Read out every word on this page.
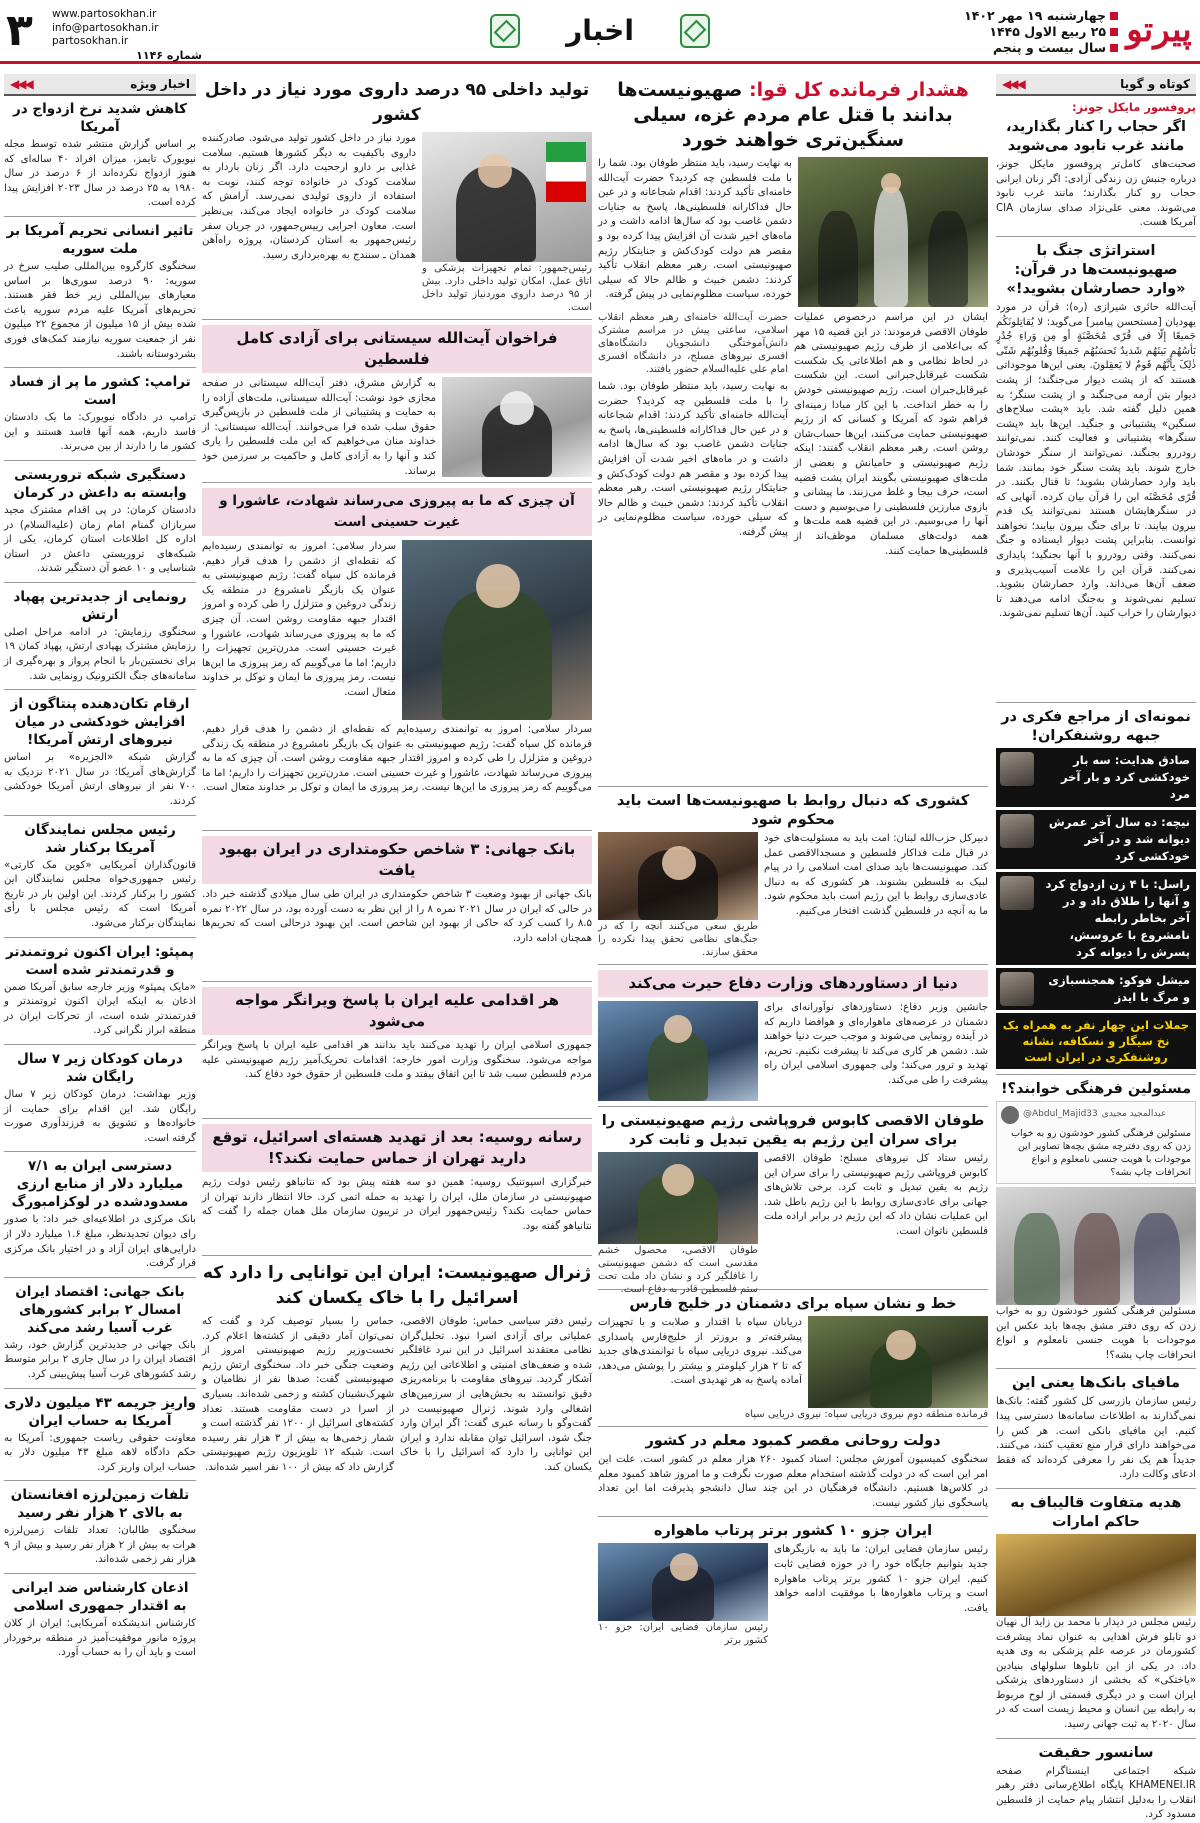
پیرتو
چهارشنبه ۱۹ مهر ۱۴۰۲
۲۵ ربیع الاول ۱۴۴۵
سال بیست و پنجم
اخبار
www.partosokhan.ir
info@partosokhan.ir
partosokhan.ir
شماره ۱۱۴۶
۳
کوتاه و گویا
◀◀◀
پروفسور مایکل جونز:
اگر حجاب را کنار بگذارید، مانند غرب نابود می‌شوید
صحبت‌های کامل‌تر پروفسور مایکل جونز، درباره جنبش زن زندگی آزادی: اگر زنان ایرانی حجاب رو کنار بگذارند؛ مانند غرب نابود می‌شوند. معنی علی‌نژاد صدای سازمان CIA آمریکا هست.
استراتژی جنگ با صهیونیست‌ها در قرآن: «وارد حصارشان بشوید!»
آیت‌الله حائری شیرازی (ره): قرآن در مورد یهودیان [مستحسن پیامبر] می‌گوید: لا یُقاتِلونَکُم جَمیعًا إلّا فی قُرًی مُحَصَّنَةٍ أو مِن وَراءِ جُدُرٍ بَأسُهُم بَینَهُم شَدیدٌ تَحسَبُهُم جَمیعًا وَقُلوبُهُم شَتّی ذٰلِکَ بِأَنَّهُم قَومٌ لا یَعقِلونَ. یعنی این‌ها موجوداتی هستند که از پشت دیوار می‌جنگند؛ از پشت دیوار بتن آرمه می‌جنگند و از پشت سنگر؛ به همین دلیل گفته شد. باید «پشت سلاح‌های سنگین» پشتیبانی و جنگید. این‌ها باید «پشت سنگرها» پشتیبانی و فعالیت کنند. نمی‌توانند رودررو بجنگند. نمی‌توانند از سنگر خودشان خارج شوند. باید پشت سنگر خود بمانند. شما باید وارد حصارشان بشوید؛ تا قتال بکنند. در قُرًی مُحَصَّنَه این را قرآن بیان کرده. آنهایی که در سنگرهایشان هستند نمی‌توانند یک قدم بیرون بیایند. تا برای جنگ بیرون بیایند؛ نخواهند توانست. بنابراین پشت دیوار ایستاده و جنگ نمی‌کنند. وقتی رودررو با آنها بجنگید؛ پایداری نمی‌کنند. قرآن این را علامت آسیب‌پذیری و ضعف آن‌ها می‌داند. وارد حصارشان بشوید. تسلیم نمی‌شوند و به‌جنگ ادامه می‌دهند تا دیوارشان را خراب کنید. آن‌ها تسلیم نمی‌شوند.
نمونه‌ای از مراجع فکری در جبهه روشنفکران!
صادق هدایت: سه بار خودکشی کرد و بار آخر مرد
نیچه: ده سال آخر عمرش دیوانه شد و در آخر خودکشی کرد
راسل: با ۴ زن ازدواج کرد و آنها را طلاق داد و در آخر بخاطر رابطه نامشروع با عروسش، پسرش را دیوانه کرد
میشل فوکو: همجنسبازی و مرگ با ایدز
جملات این چهار نفر به همراه یک نخ سیگار و نسکافه، نشانه روشنفکری در ایران است
مسئولین فرهنگی خوابند؟!
@Abdul_Majid33 عبدالمجید مجیدی
مسئولین فرهنگی کشور خودشون رو به خواب زدن که روی دفترچه مشق بچه‌ها تصاویر این موجودات با هویت جنسی نامعلوم و انواع انحرافات چاپ بشه؟
مسئولین فرهنگی کشور خودشون رو به خواب زدن که روی دفتر مشق بچه‌ها باید عکس این موجودات با هویت جنسی نامعلوم و انواع انحرافات چاپ بشه؟!
مافیای بانک‌ها یعنی این
رئیس سازمان بازرسی کل کشور گفته: بانک‌ها نمی‌گذارند به اطلاعات سامانه‌ها دسترسی پیدا کنیم. این مافیای بانکی است. هر کس را می‌خواهند دارای قرار منع تعقیب کنند، می‌کنند. جدیداً هم یک نفر را معرفی کرده‌اند که فقط ادعای وکالت دارد.
هدیه متفاوت قالیباف به حاکم امارات
رئیس مجلس در دیدار با محمد بن زاید آل نهیان دو تابلو فرش اهدایی به عنوان نماد پیشرفت کشورمان در عرصه علم پزشکی به وی هدیه داد. در یکی از این تابلوها سلولهای بنیادین «یاختکی» که بخشی از دستاوردهای پزشکی ایران است و در دیگری قسمتی از لوح مربوط به رابطه بین انسان و محیط زیست است که در سال ۲۰۲۰ به ثبت جهانی رسید.
سانسور حقیقت
شبکه اجتماعی اینستاگرام صفحه KHAMENEI.IR پایگاه اطلاع‌رسانی دفتر رهبر انقلاب را به‌دلیل انتشار پیام حمایت از فلسطین مسدود کرد.
هشدار فرمانده کل قوا: صهیونیست‌ها بدانند با قتل عام مردم غزه، سیلی سنگین‌تری خواهند خورد
به نهایت رسید، باید منتظر طوفان بود. شما را با ملت فلسطین چه کردید؟ حضرت آیت‌الله خامنه‌ای تأکید کردند: اقدام شجاعانه و در عین حال فداکارانه فلسطینی‌ها، پاسخ به جنایات دشمن غاصب بود که سال‌ها ادامه داشت و در ماه‌های اخیر شدت آن افزایش پیدا کرده بود و مقصر هم دولت کودک‌کش و جنایتکار رژیم صهیونیستی است. رهبر معظم انقلاب تأکید کردند: دشمن خبیث و ظالم حالا که سیلی خورده، سیاست مظلوم‌نمایی در پیش گرفته.
ایشان در این مراسم درخصوص عملیات طوفان الاقصی فرمودند: در این قضیه ۱۵ مهر که بی‌اعلامی از طرف رژیم صهیونیستی هم در لحاظ نظامی و هم اطلاعاتی یک شکست شکست غیرقابل‌جبرانی است. این شکست غیرقابل‌جبران است. رژیم صهیونیستی خودش را به خطر انداخت. با این کار مبادا زمینه‌ای فراهم شود که آمریکا و کسانی که از رژیم صهیونیستی حمایت می‌کنند، این‌ها حساب‌شان روشن است. رهبر معظم انقلاب گفتند: اینکه رژیم صهیونیستی و حامیانش و بعضی از ملت‌های صهیونیستی بگویند ایران پشت قضیه است، حرف بیجا و غلط می‌زنند. ما پیشانی و بازوی مبارزین فلسطینی را می‌بوسیم و دست آنها را می‌بوسیم. در این قضیه همه ملت‌ها و همه دولت‌های مسلمان موظف‌اند از فلسطینی‌ها حمایت کنند.
حضرت آیت‌الله خامنه‌ای رهبر معظم انقلاب اسلامی، ساعتی پیش در مراسم مشترک دانش‌آموختگی دانشجویان دانشگاه‌های افسری نیروهای مسلح، در دانشگاه افسری امام علی علیه‌السلام حضور یافتند.
به نهایت رسید، باید منتظر طوفان بود. شما را با ملت فلسطین چه کردید؟ حضرت آیت‌الله خامنه‌ای تأکید کردند: اقدام شجاعانه و در عین حال فداکارانه فلسطینی‌ها، پاسخ به جنایات دشمن غاصب بود که سال‌ها ادامه داشت و در ماه‌های اخیر شدت آن افزایش پیدا کرده بود و مقصر هم دولت کودک‌کش و جنایتکار رژیم صهیونیستی است. رهبر معظم انقلاب تأکید کردند: دشمن خبیث و ظالم حالا که سیلی خورده، سیاست مظلوم‌نمایی در پیش گرفته.
کشوری که دنبال روابط با صهیونیست‌ها است باید محکوم شود
دبیرکل حزب‌الله لبنان: امت باید به مسئولیت‌های خود در قبال ملت فداکار فلسطین و مسجدالاقصی عمل کند. صهیونیست‌ها باید صدای امت اسلامی را در پیام لبیک به فلسطین بشنوند. هر کشوری که به دنبال عادی‌سازی روابط با این رژیم است باید محکوم شود. ما به آنچه در فلسطین گذشت افتخار می‌کنیم.
طریق سعی می‌کنند آنچه را که در جنگ‌های نظامی تحقق پیدا نکرده را محقق سازند.
دنیا از دستاوردهای وزارت دفاع حیرت می‌کند
جانشین وزیر دفاع: دستاوردهای نوآورانه‌ای برای دشمنان در عرصه‌های ماهواره‌ای و هوافضا داریم که در آینده رونمایی می‌شوند و موجب حیرت دنیا خواهند شد. دشمن هر کاری می‌کند تا پیشرفت نکنیم. تحریم، تهدید و ترور می‌کند؛ ولی جمهوری اسلامی ایران راه پیشرفت را طی می‌کند.
طوفان الاقصی کابوس فروپاشی رژیم صهیونیستی را برای سران این رژیم به یقین تبدیل و ثابت کرد
رئیس ستاد کل نیروهای مسلح: طوفان الاقصی کابوس فروپاشی رژیم صهیونیستی را برای سران این رژیم به یقین تبدیل و ثابت کرد. برخی تلاش‌های جهانی برای عادی‌سازی روابط با این رژیم باطل شد. این عملیات نشان داد که این رژیم در برابر اراده ملت فلسطین ناتوان است.
طوفان الاقصی، محصول خشم مقدسی است که دشمن صهیونیستی را غافلگیر کرد و نشان داد ملت تحت ستم فلسطین قادر به دفاع است.
خط و نشان سپاه برای دشمنان در خلیج فارس
دریابان سپاه با اقتدار و صلابت و با تجهیزات پیشرفته‌تر و بروزتر از خلیج‌فارس پاسداری می‌کند. نیروی دریایی سپاه با توانمندی‌های جدید که تا ۲ هزار کیلومتر و بیشتر را پوشش می‌دهد، آماده پاسخ به هر تهدیدی است.
فرمانده منطقه دوم نیروی دریایی سپاه: نیروی دریایی سپاه
دولت روحانی مقصر کمبود معلم در کشور
سخنگوی کمیسیون آموزش مجلس: اسناد کمبود ۲۶۰ هزار معلم در کشور است. علت این امر این است که در دولت گذشته استخدام معلم صورت نگرفت و ما امروز شاهد کمبود معلم در کلاس‌ها هستیم. دانشگاه فرهنگیان در این چند سال دانشجو پذیرفت اما این تعداد پاسخگوی نیاز کشور نیست.
ایران جزو ۱۰ کشور برتر پرتاب ماهواره
رئیس سازمان فضایی ایران: ما باید به بازیگرهای جدید بتوانیم جایگاه خود را در حوزه فضایی ثابت کنیم. ایران جزو ۱۰ کشور برتر پرتاب ماهواره است و پرتاب ماهواره‌ها با موفقیت ادامه خواهد یافت.
رئیس سازمان فضایی ایران: جزو ۱۰ کشور برتر
تولید داخلی ۹۵ درصد داروی مورد نیاز در داخل کشور
رئیس‌جمهور: تمام تجهیزات پزشکی و اتاق عمل، امکان تولید داخلی دارد. بیش از ۹۵ درصد داروی موردنیاز تولید داخل است.
مورد نیاز در داخل کشور تولید می‌شود. صادرکننده داروی باکیفیت به دیگر کشورها هستیم. سلامت غذایی بر دارو ارجحیت دارد. اگر زنان باردار به سلامت کودک در خانواده توجه کنند، نوبت به استفاده از داروی تولیدی نمی‌رسد. آرامش که سلامت کودک در خانواده ایجاد می‌کند، بی‌نظیر است. معاون اجرایی رییس‌جمهور، در جریان سفر رئیس‌جمهور به استان کردستان، پروژه راه‌آهن همدان ـ سنندج به بهره‌برداری رسید.
فراخوان آیت‌الله سیستانی برای آزادی کامل فلسطین
به گزارش مشرق، دفتر آیت‌الله سیستانی در صفحه مجازی خود نوشت: آیت‌الله سیستانی، ملت‌های آزاده را به حمایت و پشتیبانی از ملت فلسطین در بازپس‌گیری حقوق سلب شده فرا می‌خوانند. آیت‌الله سیستانی: از خداوند منان می‌خواهیم که این ملت فلسطین را یاری کند و آنها را به آزادی کامل و حاکمیت بر سرزمین خود برساند.
آن چیزی که ما به پیروزی می‌رساند شهادت، عاشورا و غیرت حسینی است
سردار سلامی: امروز به توانمندی رسیده‌ایم که نقطه‌ای از دشمن را هدف قرار دهیم. فرمانده کل سپاه گفت: رژیم صهیونیستی به عنوان یک بازیگر نامشروع در منطقه یک زندگی دروغین و متزلزل را طی کرده و امروز اقتدار جبهه مقاومت روشن است. آن چیزی که ما به پیروزی می‌رساند شهادت، عاشورا و غیرت حسینی است. مدرن‌ترین تجهیزات را داریم؛ اما ما می‌گوییم که رمز پیروزی ما این‌ها نیست. رمز پیروزی ما ایمان و توکل بر خداوند متعال است.
سردار سلامی: امروز به توانمندی رسیده‌ایم که نقطه‌ای از دشمن را هدف قرار دهیم. فرمانده کل سپاه گفت: رژیم صهیونیستی به عنوان یک بازیگر نامشروع در منطقه یک زندگی دروغین و متزلزل را طی کرده و امروز اقتدار جبهه مقاومت روشن است. آن چیزی که ما به پیروزی می‌رساند شهادت، عاشورا و غیرت حسینی است. مدرن‌ترین تجهیزات را داریم؛ اما ما می‌گوییم که رمز پیروزی ما این‌ها نیست. رمز پیروزی ما ایمان و توکل بر خداوند متعال است.
بانک جهانی: ۳ شاخص حکومتداری در ایران بهبود یافت
بانک جهانی از بهبود وضعیت ۳ شاخص حکومتداری در ایران طی سال میلادی گذشته خبر داد. در حالی که ایران در سال ۲۰۲۱ نمره ۸ را از این نظر به دست آورده بود، در سال ۲۰۲۲ نمره ۸.۵ را کسب کرد که حاکی از بهبود این شاخص است. این بهبود درحالی است که تحریم‌ها همچنان ادامه دارد.
هر اقدامی علیه ایران با پاسخ ویرانگر مواجه می‌شود
جمهوری اسلامی ایران را تهدید می‌کنند باید بدانند هر اقدامی علیه ایران با پاسخ ویرانگر مواجه می‌شود. سخنگوی وزارت امور خارجه: اقدامات تحریک‌آمیز رژیم صهیونیستی علیه مردم فلسطین سبب شد تا این اتفاق بیفتد و ملت فلسطین از حقوق خود دفاع کند.
رسانه روسیه: بعد از تهدید هسته‌ای اسرائیل، توقع دارید تهران از حماس حمایت نکند؟!
خبرگزاری اسپوتنیک روسیه: همین دو سه هفته پیش بود که نتانیاهو رئیس دولت رژیم صهیونیستی در سازمان ملل، ایران را تهدید به حمله اتمی کرد. حالا انتظار دارند تهران از حماس حمایت نکند؟ رئیس‌جمهور ایران در تریبون سازمان ملل همان جمله را گفت که نتانیاهو گفته بود.
ژنرال صهیونیست: ایران این توانایی را دارد که اسرائیل را با خاک یکسان کند
رئیس دفتر سیاسی حماس: طوفان الاقصی، عملیاتی برای آزادی اسرا نبود. تحلیل‌گران نظامی معتقدند اسرائیل در این نبرد غافلگیر شده و ضعف‌های امنیتی و اطلاعاتی این رژیم آشکار گردید. نیروهای مقاومت با برنامه‌ریزی دقیق توانستند به بخش‌هایی از سرزمین‌های اشغالی وارد شوند. ژنرال صهیونیست در گفت‌وگو با رسانه عبری گفت: اگر ایران وارد جنگ شود، اسرائیل توان مقابله ندارد و ایران این توانایی را دارد که اسرائیل را با خاک یکسان کند.
حماس را بسیار توصیف کرد و گفت که نمی‌توان آمار دقیقی از کشته‌ها اعلام کرد. نخست‌وزیر رژیم صهیونیستی امروز از وضعیت جنگی خبر داد. سخنگوی ارتش رژیم صهیونیستی گفت: صدها نفر از نظامیان و شهرک‌نشینان کشته و زخمی شده‌اند. بسیاری از اسرا در دست مقاومت هستند. تعداد کشته‌های اسرائیل از ۱۲۰۰ نفر گذشته است و شمار زخمی‌ها به بیش از ۳ هزار نفر رسیده است. شبکه ۱۲ تلویزیون رژیم صهیونیستی گزارش داد که بیش از ۱۰۰ نفر اسیر شده‌اند.
اخبار ویژه
◀◀◀
کاهش شدید نرخ ازدواج در آمریکا
بر اساس گزارش منتشر شده توسط مجله نیویورک تایمز، میزان افراد ۴۰ ساله‌ای که هنوز ازدواج نکرده‌اند از ۶ درصد در سال ۱۹۸۰ به ۲۵ درصد در سال ۲۰۲۳ افزایش پیدا کرده است.
تاثیر انسانی تحریم آمریکا بر ملت سوریه
سخنگوی کارگروه بین‌المللی صلیب سرخ در سوریه: ۹۰ درصد سوری‌ها بر اساس معیارهای بین‌المللی زیر خط فقر هستند. تحریم‌های آمریکا علیه مردم سوریه باعث شده بیش از ۱۵ میلیون از مجموع ۲۲ میلیون نفر از جمعیت سوریه نیازمند کمک‌های فوری بشردوستانه باشند.
ترامپ: کشور ما پر از فساد است
ترامپ در دادگاه نیویورک: ما یک دادستان فاسد داریم، همه آنها فاسد هستند و این کشور ما را دارند از بین می‌برند.
دستگیری شبکه تروریستی وابسته به داعش در کرمان
دادستان کرمان: در پی اقدام مشترک مجید سربازان گمنام امام زمان (علیه‌السلام) در اداره کل اطلاعات استان کرمان، یکی از شبکه‌های تروریستی داعش در استان شناسایی و ۱۰ عضو آن دستگیر شدند.
رونمایی از جدیدترین پهپاد ارتش
سخنگوی رزمایش: در ادامه مراحل اصلی رزمایش مشترک پهپادی ارتش، پهپاد کمان ۱۹ برای نخستین‌بار با انجام پرواز و بهره‌گیری از سامانه‌های جنگ الکترونیک رونمایی شد.
ارقام تکان‌دهنده پنتاگون از افزایش خودکشی در میان نیروهای ارتش آمریکا!
گزارش شبکه «الجزیره» بر اساس گزارش‌های آمریکا: در سال ۲۰۲۱ نزدیک به ۷۰۰ نفر از نیروهای ارتش آمریکا خودکشی کردند.
رئیس مجلس نمایندگان آمریکا برکنار شد
قانون‌گذاران آمریکایی «کوین مک کارتی» رئیس جمهوری‌خواه مجلس نمایندگان این کشور را برکنار کردند. این اولین بار در تاریخ آمریکا است که رئیس مجلس با رأی نمایندگان برکنار می‌شود.
پمپئو: ایران اکنون ثروتمندتر و قدرتمندتر شده است
«مایک پمپئو» وزیر خارجه سابق آمریکا ضمن اذعان به اینکه ایران اکنون ثروتمندتر و قدرتمندتر شده است، از تحرکات ایران در منطقه ابراز نگرانی کرد.
درمان کودکان زیر ۷ سال رایگان شد
وزیر بهداشت: درمان کودکان زیر ۷ سال رایگان شد. این اقدام برای حمایت از خانواده‌ها و تشویق به فرزندآوری صورت گرفته است.
دسترسی ایران به ۷/۱ میلیارد دلار از منابع ارزی مسدودشده در لوکزامبورگ
بانک مرکزی در اطلاعیه‌ای خبر داد: با صدور رای دیوان تجدیدنظر، مبلغ ۱.۶ میلیارد دلار از دارایی‌های ایران آزاد و در اختیار بانک مرکزی قرار گرفت.
بانک جهانی: اقتصاد ایران امسال ۲ برابر کشورهای غرب آسیا رشد می‌کند
بانک جهانی در جدیدترین گزارش خود، رشد اقتصاد ایران را در سال جاری ۲ برابر متوسط رشد کشورهای غرب آسیا پیش‌بینی کرد.
واریز جریمه ۴۳ میلیون دلاری آمریکا به حساب ایران
معاونت حقوقی ریاست جمهوری: آمریکا به حکم دادگاه لاهه مبلغ ۴۳ میلیون دلار به حساب ایران واریز کرد.
تلفات زمین‌لرزه افغانستان به بالای ۲ هزار نفر رسید
سخنگوی طالبان: تعداد تلفات زمین‌لرزه هرات به بیش از ۲ هزار نفر رسید و بیش از ۹ هزار نفر زخمی شده‌اند.
اذعان کارشناس ضد ایرانی به اقتدار جمهوری اسلامی
کارشناس اندیشکده آمریکایی: ایران از کلان پروژه مانور موفقیت‌آمیز در منطقه برخوردار است و باید آن را به حساب آورد.
